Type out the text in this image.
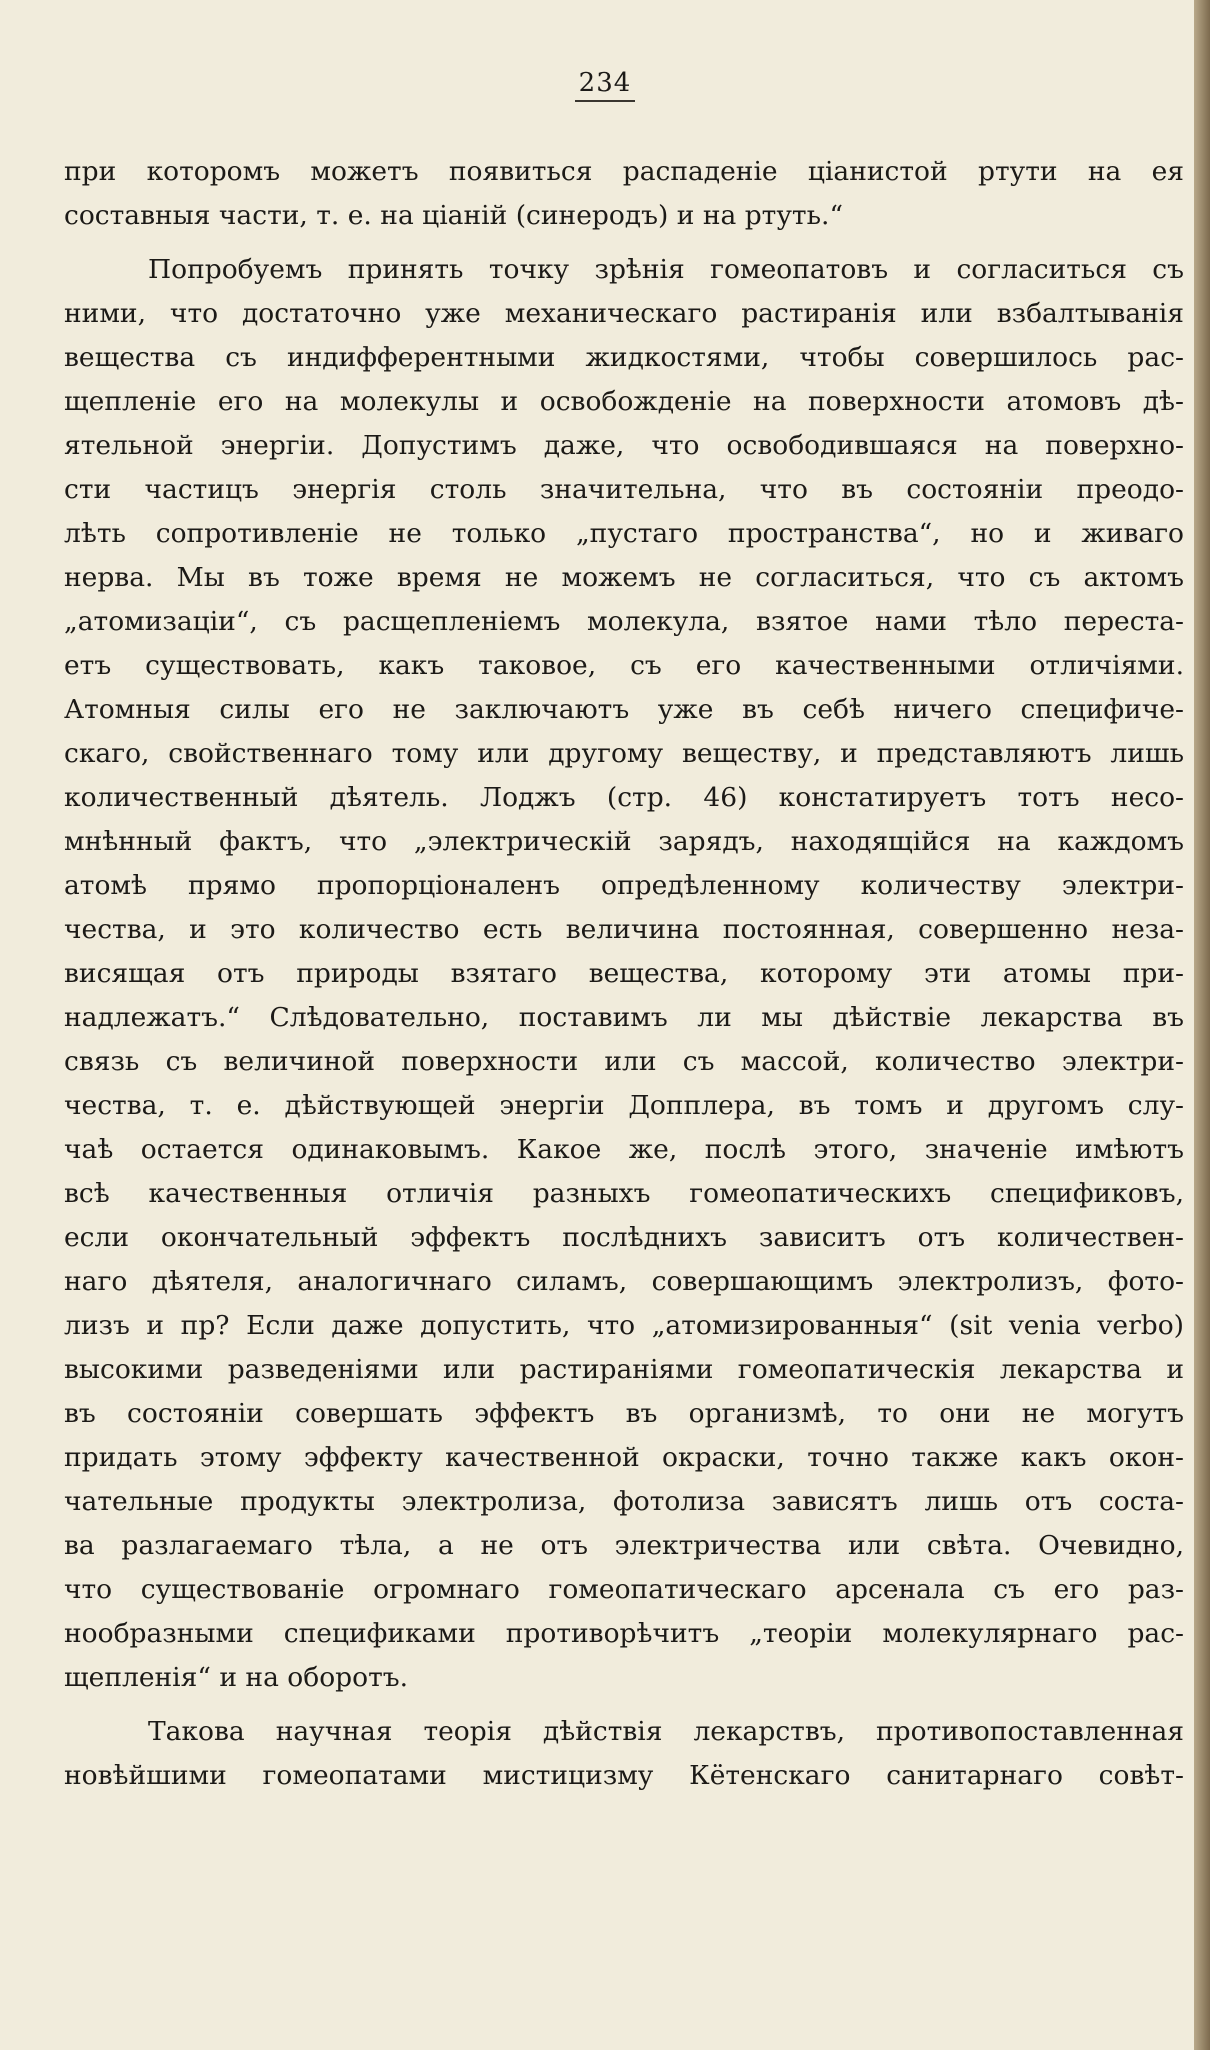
234
при которомъ можетъ появиться распаденіе ціанистой ртути на ея
составныя части, т. е. на ціаній (синеродъ) и на ртуть.“
Попробуемъ принять точку зрѣнія гомеопатовъ и согласиться съ
ними, что достаточно уже механическаго растиранія или взбалтыванія
вещества съ индифферентными жидкостями, чтобы совершилось рас-
щепленіе его на молекулы и освобожденіе на поверхности атомовъ дѣ-
ятельной энергіи. Допустимъ даже, что освободившаяся на поверхно-
сти частицъ энергія столь значительна, что въ состояніи преодо-
лѣть сопротивленіе не только „пустаго пространства“, но и живаго
нерва. Мы въ тоже время не можемъ не согласиться, что съ актомъ
„атомизаціи“, съ расщепленіемъ молекула, взятое нами тѣло переста-
етъ существовать, какъ таковое, съ его качественными отличіями.
Атомныя силы его не заключаютъ ужe въ себѣ ничего специфиче-
скаго, свойственнаго тому или другому веществу, и представляютъ лишь
количественный дѣятель. Лоджъ (стр. 46) констатируетъ тотъ несо-
мнѣнный фактъ, что „электрическій зарядъ, находящійся на каждомъ
атомѣ прямо пропорціоналенъ опредѣленному количеству электри-
чества, и это количество есть величина постоянная, совершенно неза-
висящая отъ природы взятаго вещества, которому эти атомы при-
надлежатъ.“ Слѣдовательно, поставимъ ли мы дѣйствіе лекарства въ
связь съ величиной поверхности или съ массой, количество электри-
чества, т. е. дѣйствующей энергіи Допплера, въ томъ и другомъ слу-
чаѣ остается одинаковымъ. Какое же, послѣ этого, значеніе имѣютъ
всѣ качественныя отличія разныхъ гомеопатическихъ спецификовъ,
если окончательный эффектъ послѣднихъ зависитъ отъ количествен-
наго дѣятеля, аналогичнаго силамъ, совершающимъ электролизъ, фото-
лизъ и пр? Если даже допустить, что „атомизированныя“ (sit venia verbo)
высокими разведеніями или растираніями гомеопатическія лекарства и
въ состояніи совершать эффектъ въ организмѣ, то они не могутъ
придать этому эффекту качественной окраски, точно также какъ окон-
чательные продукты электролиза, фотолиза зависятъ лишь отъ соста-
ва разлагаемаго тѣла, а не отъ электричества или свѣта. Очевидно,
что существованіе огромнаго гомеопатическаго арсенала съ его раз-
нообразными спецификами противорѣчитъ „теоріи молекулярнаго рас-
щепленія“ и на оборотъ.
Такова научная теорія дѣйствія лекарствъ, противопоставленная
новѣйшими гомеопатами мистицизму Кётенскаго санитарнаго совѣт-
